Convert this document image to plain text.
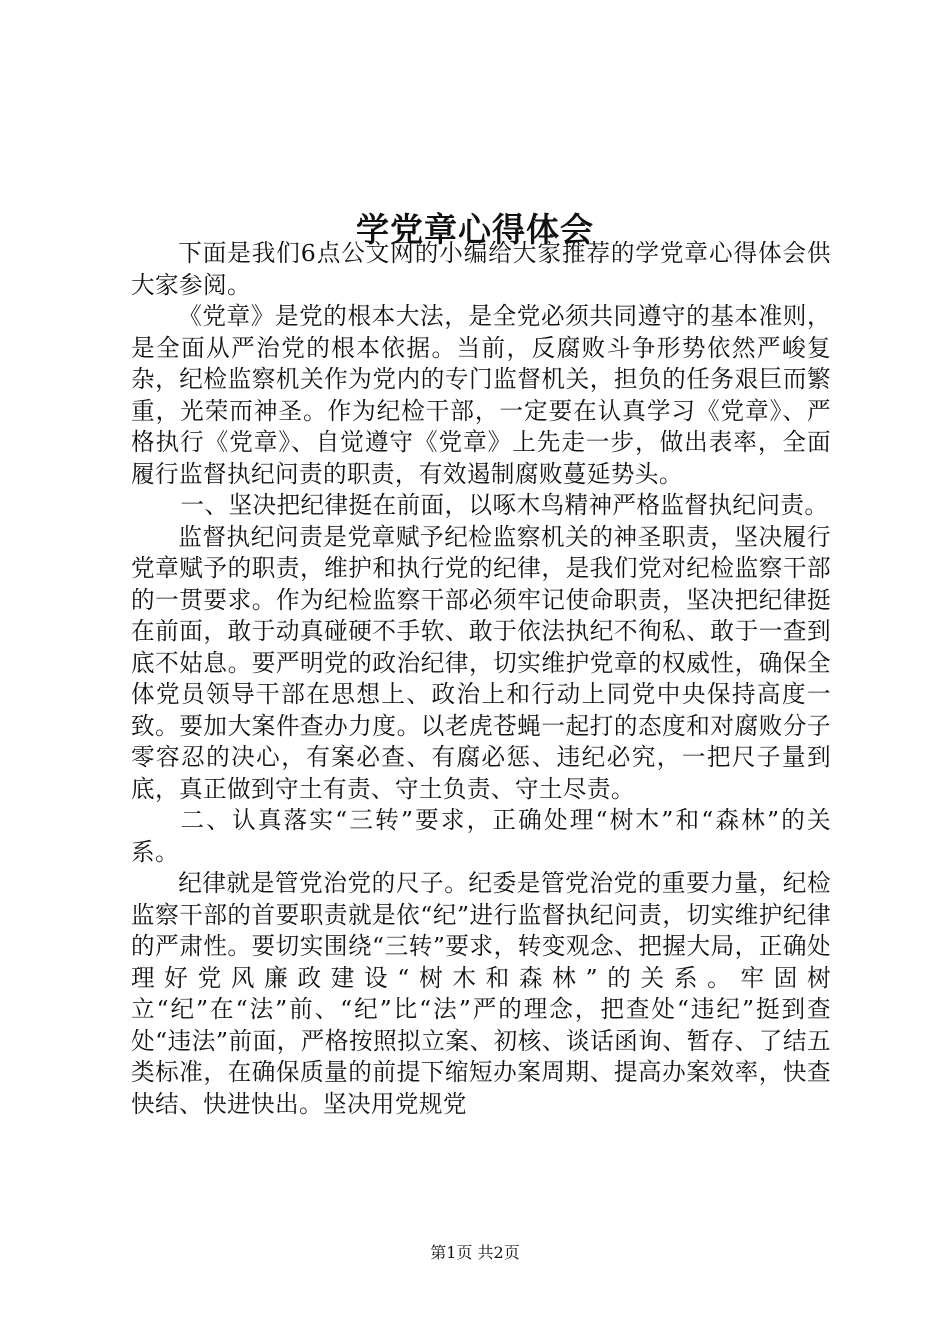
学党章心得体会

下面是我们6点公文网的小编给大家推荐的学党章心得体会供大家参阅。

《党章》是党的根本大法，是全党必须共同遵守的基本准则，是全面从严治党的根本依据。当前，反腐败斗争形势依然严峻复杂，纪检监察机关作为党内的专门监督机关，担负的任务艰巨而繁重，光荣而神圣。作为纪检干部，一定要在认真学习《党章》、严格执行《党章》、自觉遵守《党章》上先走一步，做出表率，全面履行监督执纪问责的职责，有效遏制腐败蔓延势头。

一、坚决把纪律挺在前面，以啄木鸟精神严格监督执纪问责。

监督执纪问责是党章赋予纪检监察机关的神圣职责，坚决履行党章赋予的职责，维护和执行党的纪律，是我们党对纪检监察干部的一贯要求。作为纪检监察干部必须牢记使命职责，坚决把纪律挺在前面，敢于动真碰硬不手软、敢于依法执纪不徇私、敢于一查到底不姑息。要严明党的政治纪律，切实维护党章的权威性，确保全体党员领导干部在思想上、政治上和行动上同党中央保持高度一致。要加大案件查办力度。以老虎苍蝇一起打的态度和对腐败分子零容忍的决心，有案必查、有腐必惩、违纪必究，一把尺子量到底，真正做到守土有责、守土负责、守土尽责。

二、认真落实“三转”要求，正确处理“树木”和“森林”的关系。

纪律就是管党治党的尺子。纪委是管党治党的重要力量，纪检监察干部的首要职责就是依“纪”进行监督执纪问责，切实维护纪律的严肃性。要切实围绕“三转”要求，转变观念、把握大局，正确处理好党风廉政建设“树木和森林”的关系。牢固树立“纪”在“法”前、“纪”比“法”严的理念，把查处“违纪”挺到查处“违法”前面，严格按照拟立案、初核、谈话函询、暂存、了结五类标准，在确保质量的前提下缩短办案周期、提高办案效率，快查快结、快进快出。坚决用党规党

第1页 共2页
